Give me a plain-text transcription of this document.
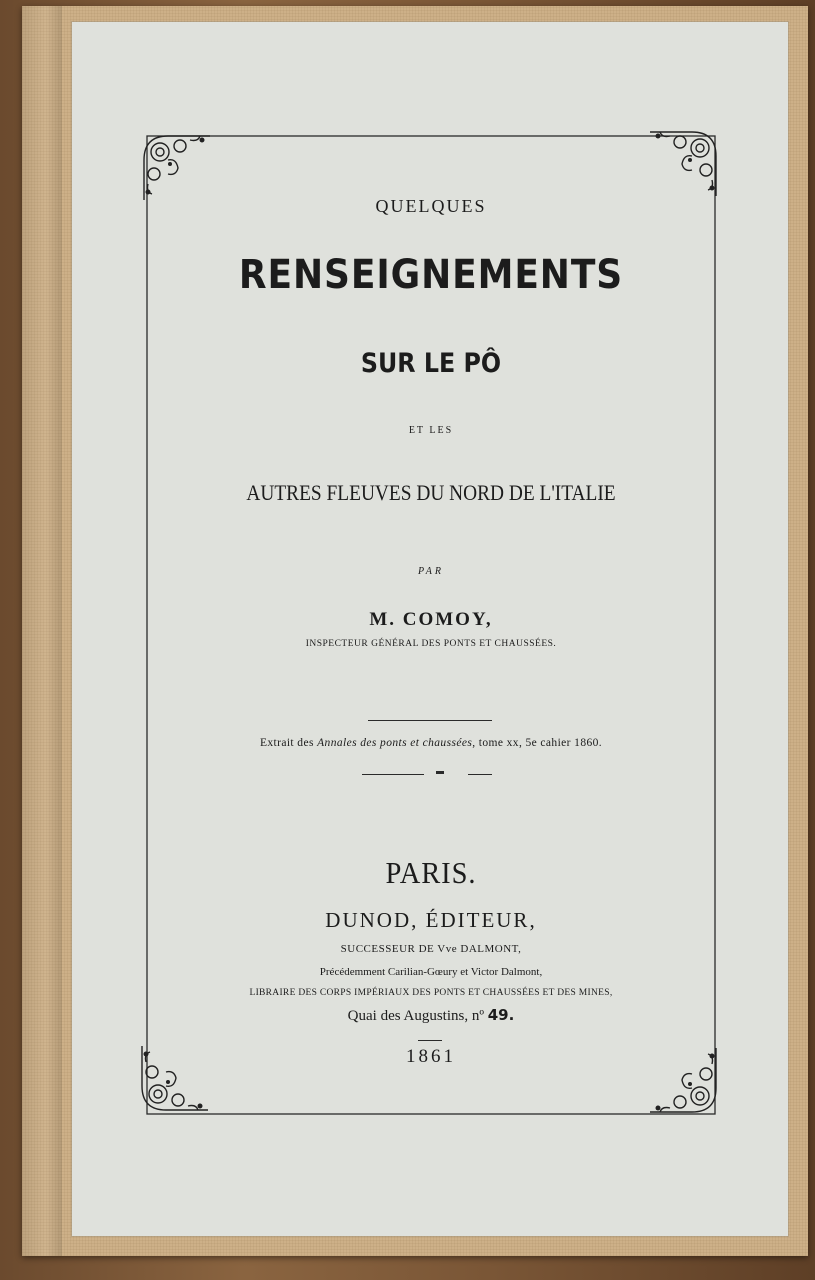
QUELQUES
RENSEIGNEMENTS
SUR LE PÔ
ET LES
AUTRES FLEUVES DU NORD DE L'ITALIE
PAR
M. COMOY,
INSPECTEUR GÉNÉRAL DES PONTS ET CHAUSSÉES.
Extrait des Annales des ponts et chaussées, tome xx, 5e cahier 1860.
PARIS.
DUNOD, ÉDITEUR,
SUCCESSEUR DE Vve DALMONT,
Précédemment Carilian-Gœury et Victor Dalmont,
LIBRAIRE DES CORPS IMPÉRIAUX DES PONTS ET CHAUSSÉES ET DES MINES,
Quai des Augustins, nº 49.
1861
